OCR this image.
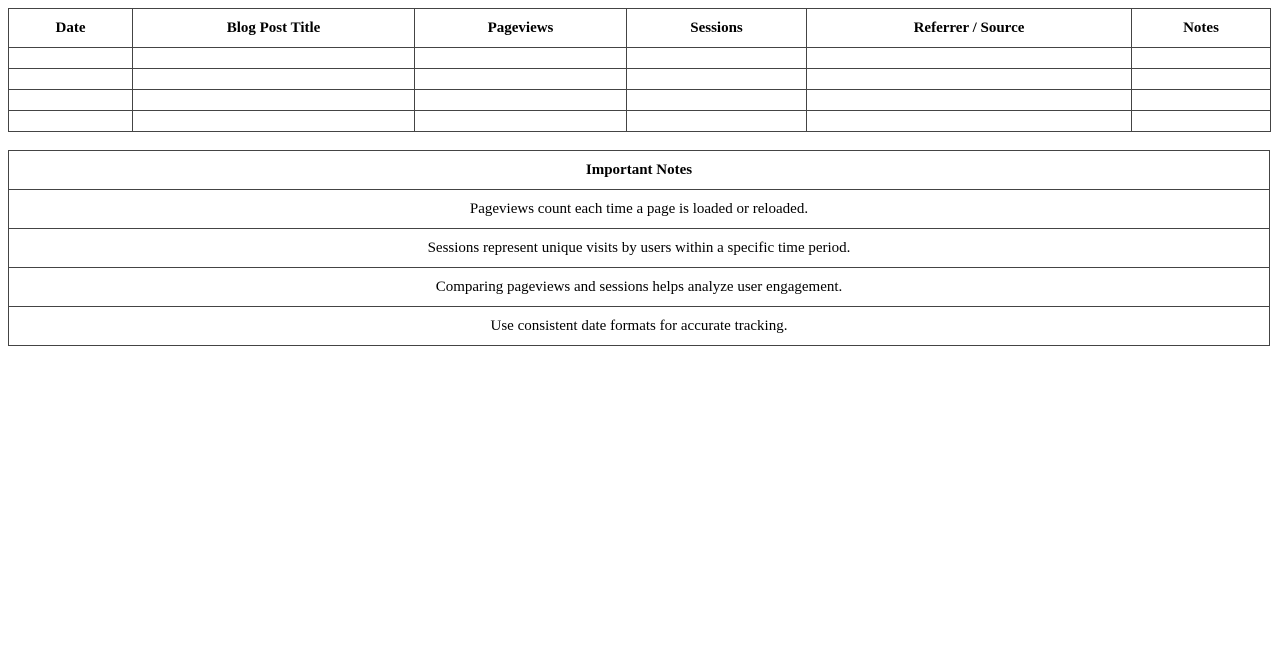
Date	Blog Post Title	Pageviews	Sessions	Referrer / Source	Notes

Important Notes
Pageviews count each time a page is loaded or reloaded.
Sessions represent unique visits by users within a specific time period.
Comparing pageviews and sessions helps analyze user engagement.
Use consistent date formats for accurate tracking.
